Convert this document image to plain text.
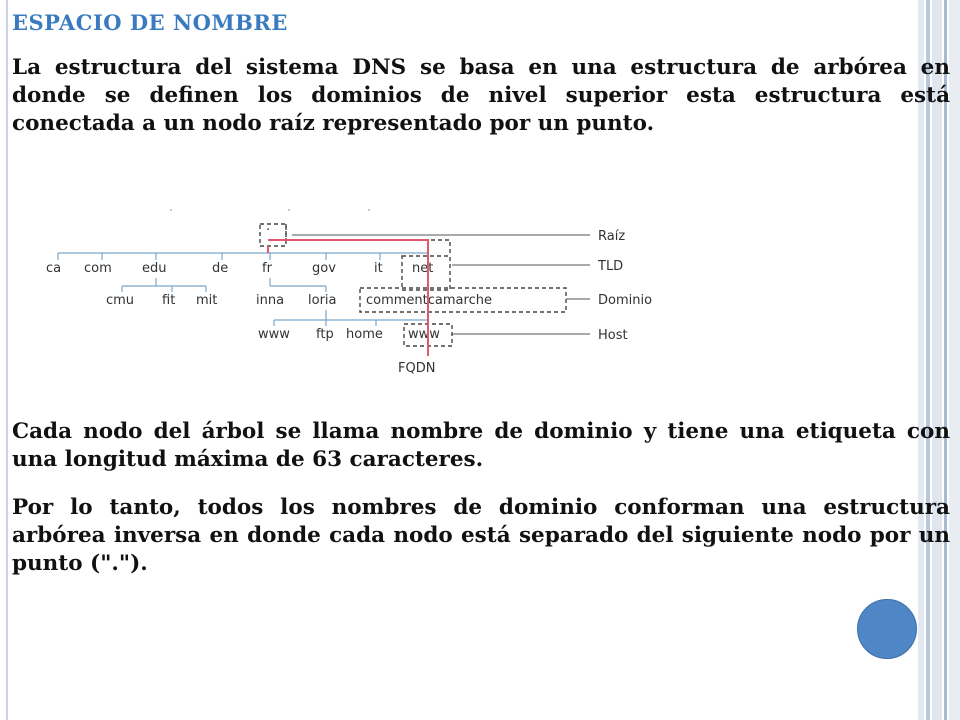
ESPACIO DE NOMBRE

La estructura del sistema DNS se basa en una estructura de arbórea en donde se definen los dominios de nivel superior esta estructura está conectada a un nodo raíz representado por un punto.

.
ca com edu	de	fr	gov	it net
cmu fit mit	inna loria commentcamarche
www ftp home www
FQDN
Raíz
TLD
Dominio
Host

Cada nodo del árbol se llama nombre de dominio y tiene una etiqueta con una longitud máxima de 63 caracteres.

Por lo tanto, todos los nombres de dominio conforman una estructura arbórea inversa en donde cada nodo está separado del siguiente nodo por un punto (".").
